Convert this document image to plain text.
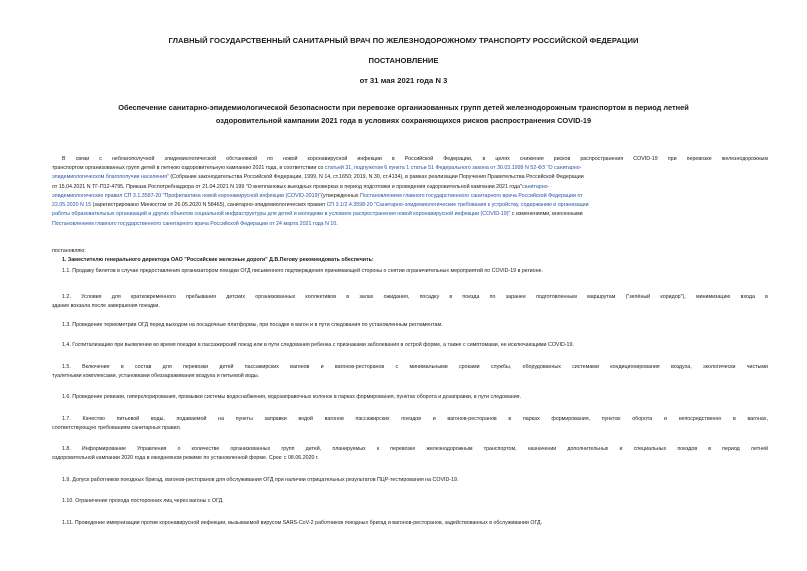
ГЛАВНЫЙ ГОСУДАРСТВЕННЫЙ САНИТАРНЫЙ ВРАЧ ПО ЖЕЛЕЗНОДОРОЖНОМУ ТРАНСПОРТУ РОССИЙСКОЙ ФЕДЕРАЦИИ
ПОСТАНОВЛЕНИЕ
от 31 мая 2021 года N 3
Обеспечение санитарно-эпидемиологической безопасности при перевозке организованных групп детей железнодорожным транспортом в период летней
оздоровительной кампании 2021 года в условиях сохраняющихся рисков распространения COVID-19
В связи с неблагополучной эпидемиологической обстановкой по новой коронавирусной инфекции в Российской Федерации, в целях снижения рисков распространения COVID-19 при перевозке железнодорожным
транспортом организованных групп детей в летнюю оздоровительную кампанию 2021 года, в соответствии со статьей 31, подпунктом 6 пункта 1 статьи 51 Федерального закона от 30.03.1999 N 52-ФЗ "О санитарно-
эпидемиологическом благополучии населения" (Собрание законодательства Российской Федерации, 1999, N 14, ст.1650; 2019, N 30, ст.4134), в рамках реализации Поручения Правительства Российской Федерации
от 15.04.2021 N ТГ-П12-4795, Приказа Роспотребнадзора от 21.04.2021 N 199 "О внеплановых выездных проверках в период подготовки и проведения оздоровительной кампании 2021 года"санитарно-
эпидемиологических правил СП 3.1.3597-20 "Профилактика новой коронавирусной инфекции (COVID-2019)"(утвержденных Постановлением главного государственного санитарного врача Российской Федерации от
22.05.2020 N 15 (зарегистрировано Минюстом от 26.05.2020 N 58465), санитарно-эпидемиологических правил СП 3.1/2.4.3598-20 "Санитарно-эпидемиологические требования к устройству, содержанию и организации
работы образовательных организаций и других объектов социальной инфраструктуры для детей и молодежи в условиях распространения новой коронавирусной инфекции (COVID-19)" с изменениями, внесенными
Постановлением главного государственного санитарного врача Российской Федерации от 24 марта 2021 года N 10.
постановляю:
1. Заместителю генерального директора ОАО "Российские железные дороги" Д.В.Пегову рекомендовать обеспечить:
1.1. Продажу билетов в случае предоставления организатором поездки ОГД письменного подтверждения принимающей стороны о снятии ограничительных мероприятий по COVID-19 в регионе.
1.2. Условия для кратковременного пребывания детских организованных коллективов в залах ожидания, посадку в поезда по заранее подготовленным маршрутам ("зелёный коридор"), минимизацию входа в
здание вокзала после завершения поездки.
1.3. Проведение термометрии ОГД перед выходом на посадочные платформы, при посадке в вагон и в пути следования по установленным регламентам.
1.4. Госпитализацию при выявлении во время поездки в пассажирский поезд или в пути следования ребенка с признаками заболевания в острой форме, а также с симптомами, не исключающими COVID-19.
1.5. Включение в состав для перевозки детей пассажирских вагонов и вагонов-ресторанов с минимальными сроками службы, оборудованных системами кондиционирования воздуха, экологически чистыми
туалетными комплексами, установками обеззараживания воздуха и питьевой воды.
1.6. Проведение ревизии, гиперхлорирования, промывки системы водоснабжения, водозаправочных колонок в парках формирования, пунктах оборота и дозаправки, в пути следования.
1.7. Качество питьевой воды, подаваемой на пункты заправки водой вагонов пассажирских поездов и вагонов-ресторанов в парках формирования, пунктах оборота и непосредственно в вагонах,
соответствующую требованиям санитарных правил.
1.8. Информирование Управления о количестве организованных групп детей, планируемых к перевозке железнодорожным транспортом, назначении дополнительных и специальных поездов в период летней
оздоровительной кампании 2020 года в ежедневном режиме по установленной форме. Срок: с 08.06.2020 г.
1.9. Допуск работников поездных бригад, вагонов-ресторанов для обслуживания ОГД при наличии отрицательных результатов ПЦР-тестирования на COVID-19.
1.10. Ограничение прохода посторонних лиц через вагоны с ОГД.
1.11. Проведение иммунизации против коронавирусной инфекции, вызываемой вирусом SARS-CoV-2 работников поездных бригад и вагонов-ресторанов, задействованных в обслуживании ОГД.
